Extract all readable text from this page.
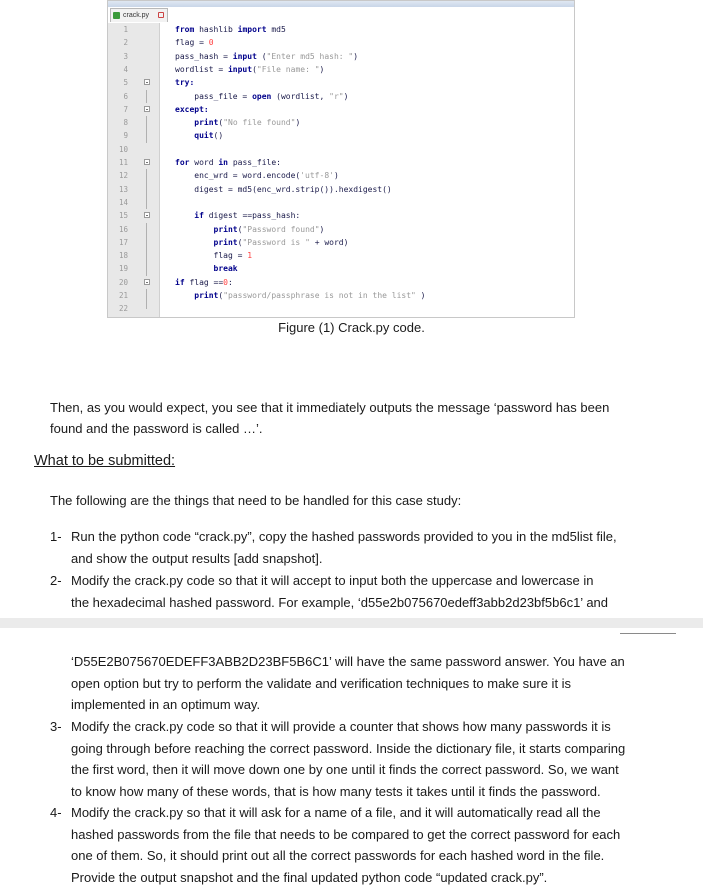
crack.py
1	from hashlib import md5
2	flag = 0
3	pass_hash = input ("Enter md5 hash: ")
4	wordlist = input("File name: ")
5	try:
6	pass_file = open (wordlist, "r")
7	except:
8	print("No file found")
9	quit()
10
11	for word in pass_file:
12	enc_wrd = word.encode('utf-8')
13	digest = md5(enc_wrd.strip()).hexdigest()
14
15	if digest ==pass_hash:
16	print("Password found")
17	print("Password is " + word)
18	flag = 1
19	break
20	if flag ==0:
21	print("password/passphrase is not in the list" )
22
Figure (1) Crack.py code.
Then, as you would expect, you see that it immediately outputs the message ‘password has been
found and the password is called …’.
What to be submitted:
The following are the things that need to be handled for this case study:
1- Run the python code “crack.py”, copy the hashed passwords provided to you in the md5list file,
and show the output results [add snapshot].
2- Modify the crack.py code so that it will accept to input both the uppercase and lowercase in
the hexadecimal hashed password. For example, ‘d55e2b075670edeff3abb2d23bf5b6c1’ and
‘D55E2B075670EDEFF3ABB2D23BF5B6C1’ will have the same password answer. You have an
open option but try to perform the validate and verification techniques to make sure it is
implemented in an optimum way.
3- Modify the crack.py code so that it will provide a counter that shows how many passwords it is
going through before reaching the correct password. Inside the dictionary file, it starts comparing
the first word, then it will move down one by one until it finds the correct password. So, we want
to know how many of these words, that is how many tests it takes until it finds the password.
4- Modify the crack.py so that it will ask for a name of a file, and it will automatically read all the
hashed passwords from the file that needs to be compared to get the correct password for each
one of them. So, it should print out all the correct passwords for each hashed word in the file.
Provide the output snapshot and the final updated python code “updated crack.py”.
